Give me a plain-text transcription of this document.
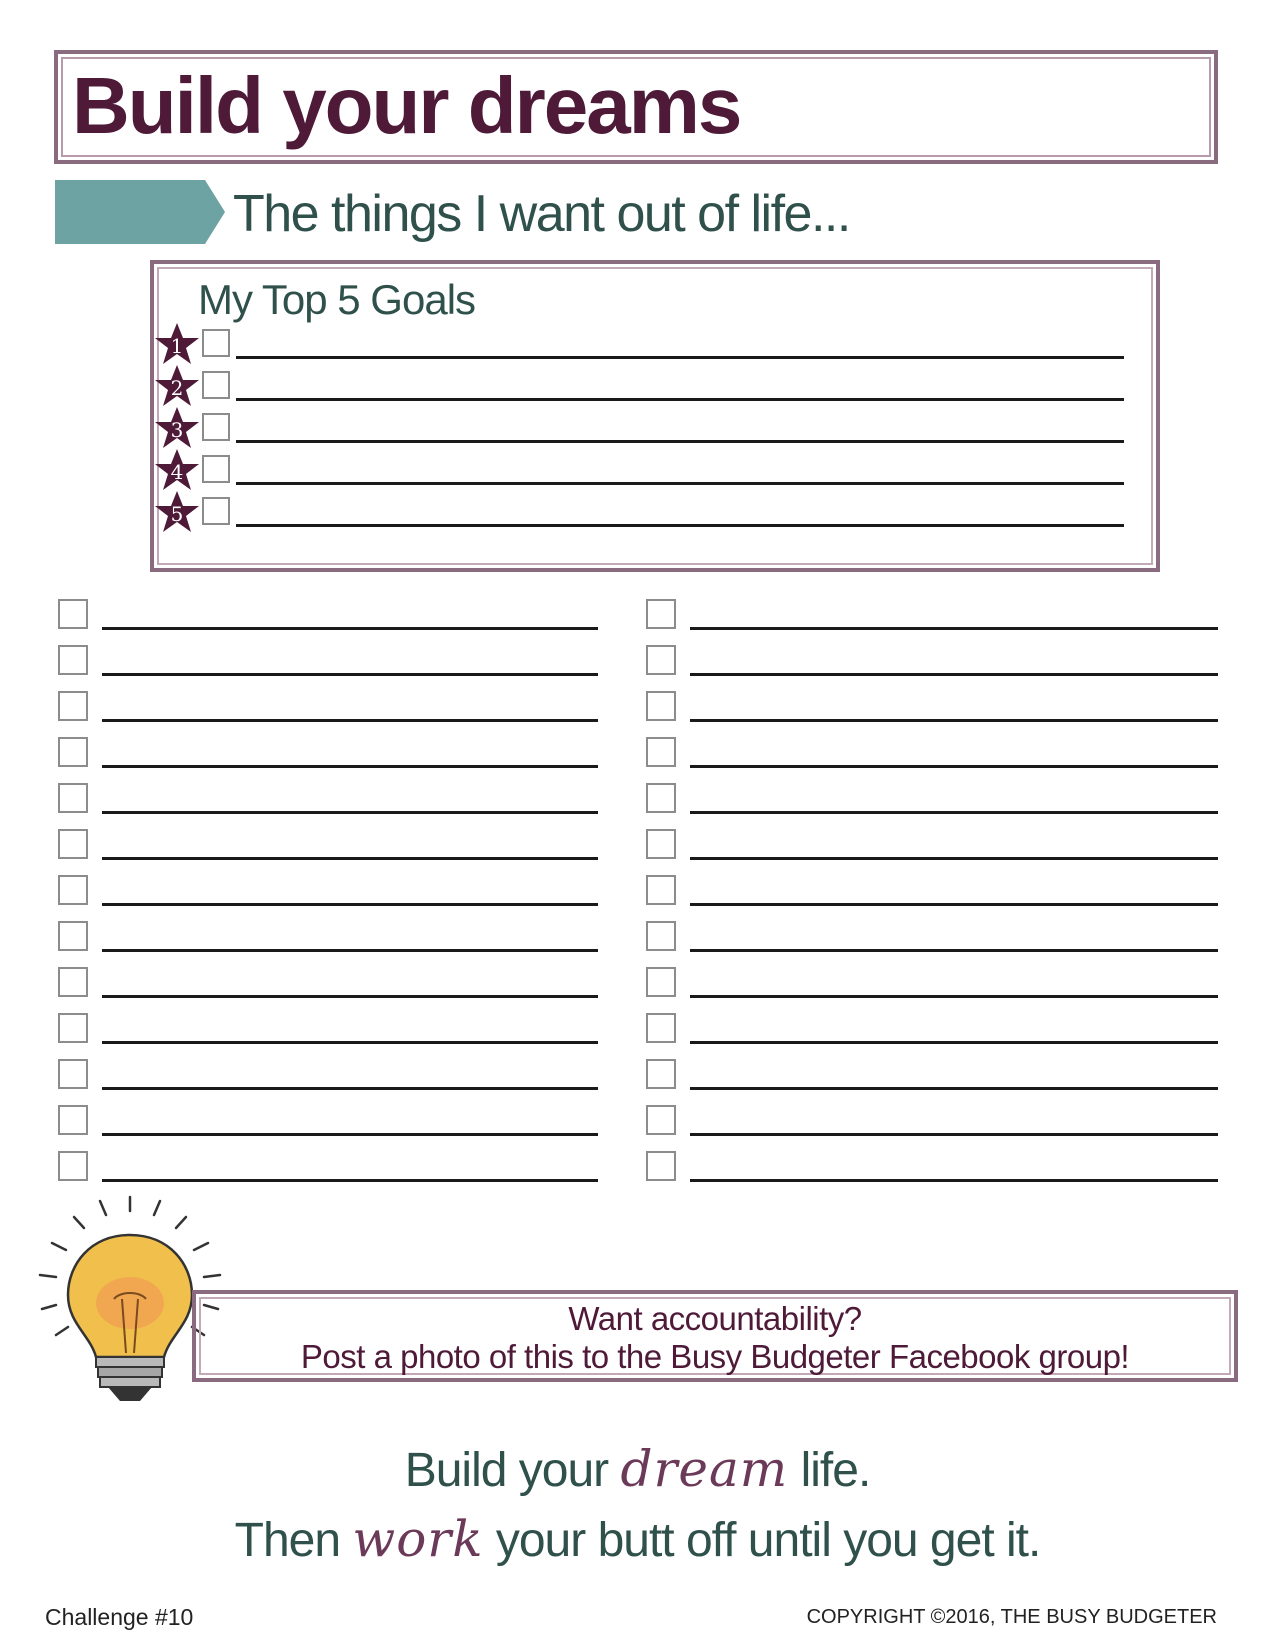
Build your dreams
The things I want out of life...
My Top 5 Goals
1
2
3
4
5
Want accountability?
Post a photo of this to the Busy Budgeter Facebook group!
Build your dream life.
Then work your butt off until you get it.
Challenge #10	COPYRIGHT ©2016, THE BUSY BUDGETER
